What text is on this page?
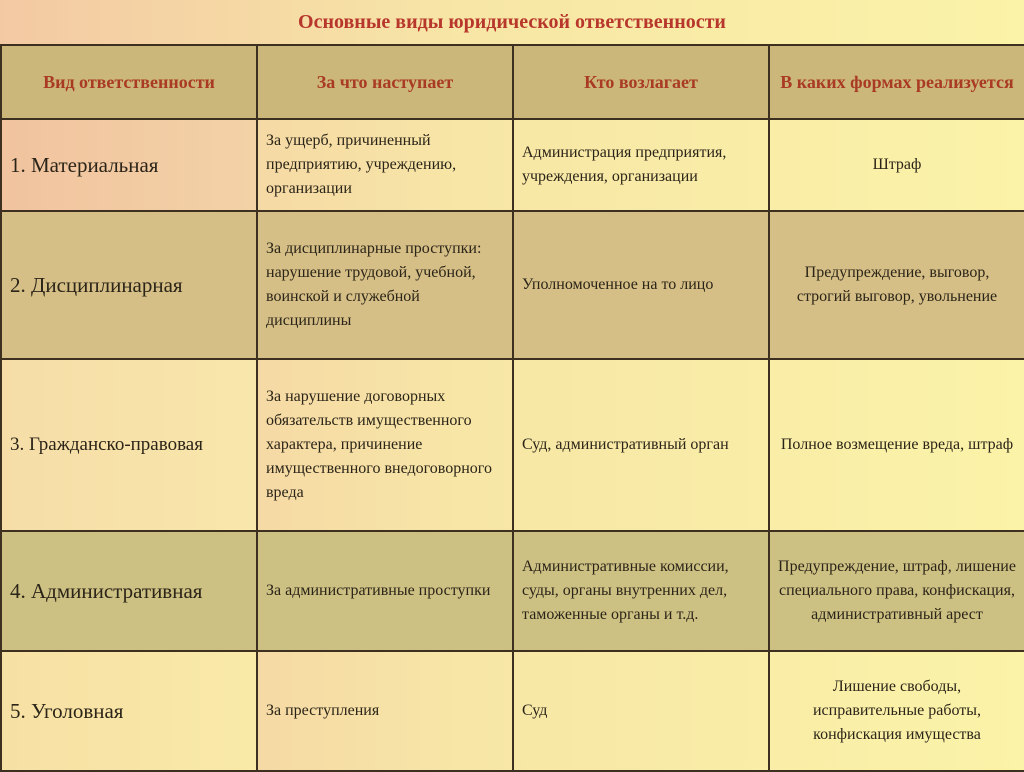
Основные виды юридической ответственности
Вид ответственности	За что наступает	Кто возлагает	В каких формах реализуется
1. Материальная	За ущерб, причиненный предприятию, учреждению, организации	Администрация предприятия, учреждения, организации	Штраф
2. Дисциплинарная	За дисциплинарные проступки: нарушение трудовой, учебной, воинской и служебной дисциплины	Уполномоченное на то лицо	Предупреждение, выговор, строгий выговор, увольнение
3. Гражданско-правовая	За нарушение договорных обязательств имущественного характера, причинение имущественного внедоговорного вреда	Суд, административный орган	Полное возмещение вреда, штраф
4. Административная	За административные проступки	Административные комиссии, суды, органы внутренних дел, таможенные органы и т.д.	Предупреждение, штраф, лишение специального права, конфискация, административный арест
5. Уголовная	За преступления	Суд	Лишение свободы, исправительные работы, конфискация имущества
